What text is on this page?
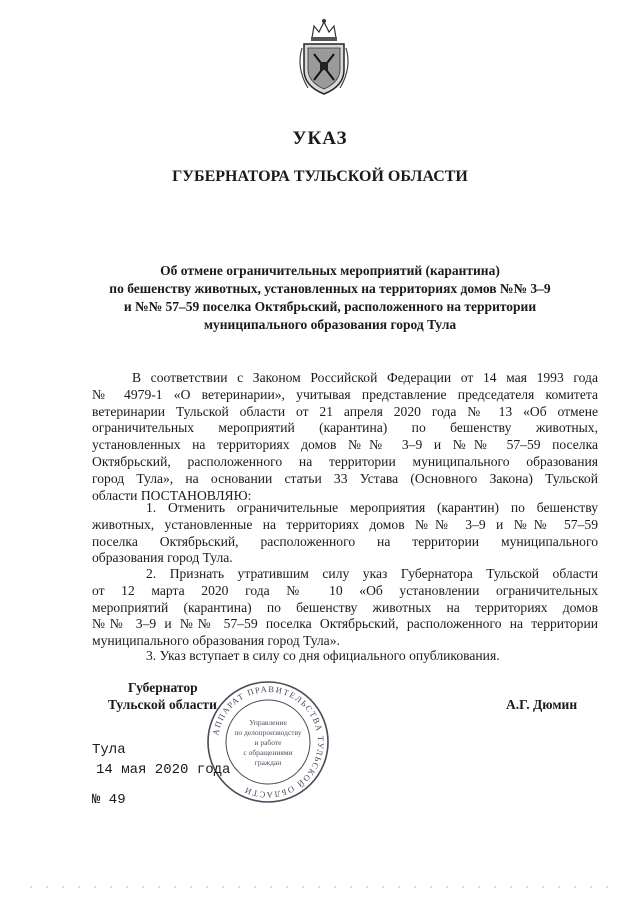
УКАЗ
ГУБЕРНАТОРА ТУЛЬСКОЙ ОБЛАСТИ
Об отмене ограничительных мероприятий (карантина)
по бешенству животных, установленных на территориях домов №№ 3–9
и №№ 57–59 поселка Октябрьский, расположенного на территории
муниципального образования город Тула
В соответствии с Законом Российской Федерации от 14 мая 1993 года
№ 4979-1 «О ветеринарии», учитывая представление председателя комитета
ветеринарии Тульской области от 21 апреля 2020 года № 13 «Об отмене
ограничительных мероприятий (карантина) по бешенству животных,
установленных на территориях домов №№ 3–9 и №№ 57–59 поселка
Октябрьский, расположенного на территории муниципального образования
город Тула», на основании статьи 33 Устава (Основного Закона) Тульской
области ПОСТАНОВЛЯЮ:
1. Отменить ограничительные мероприятия (карантин) по бешенству
животных, установленные на территориях домов №№ 3–9 и №№ 57–59
поселка Октябрьский, расположенного на территории муниципального
образования город Тула.
2. Признать утратившим силу указ Губернатора Тульской области
от 12 марта 2020 года № 10 «Об установлении ограничительных
мероприятий (карантина) по бешенству животных на территориях домов
№№ 3–9 и №№ 57–59 поселка Октябрьский, расположенного на территории
муниципального образования город Тула».
3. Указ вступает в силу со дня официального опубликования.
Губернатор
Тульской области	А.Г. Дюмин
АППАРАТ ПРАВИТЕЛЬСТВА ТУЛЬСКОЙ ОБЛАСТИ
Управление
по делопроизводству
и работе
с обращениями
граждан
Тула
14 мая 2020 года
№ 49
